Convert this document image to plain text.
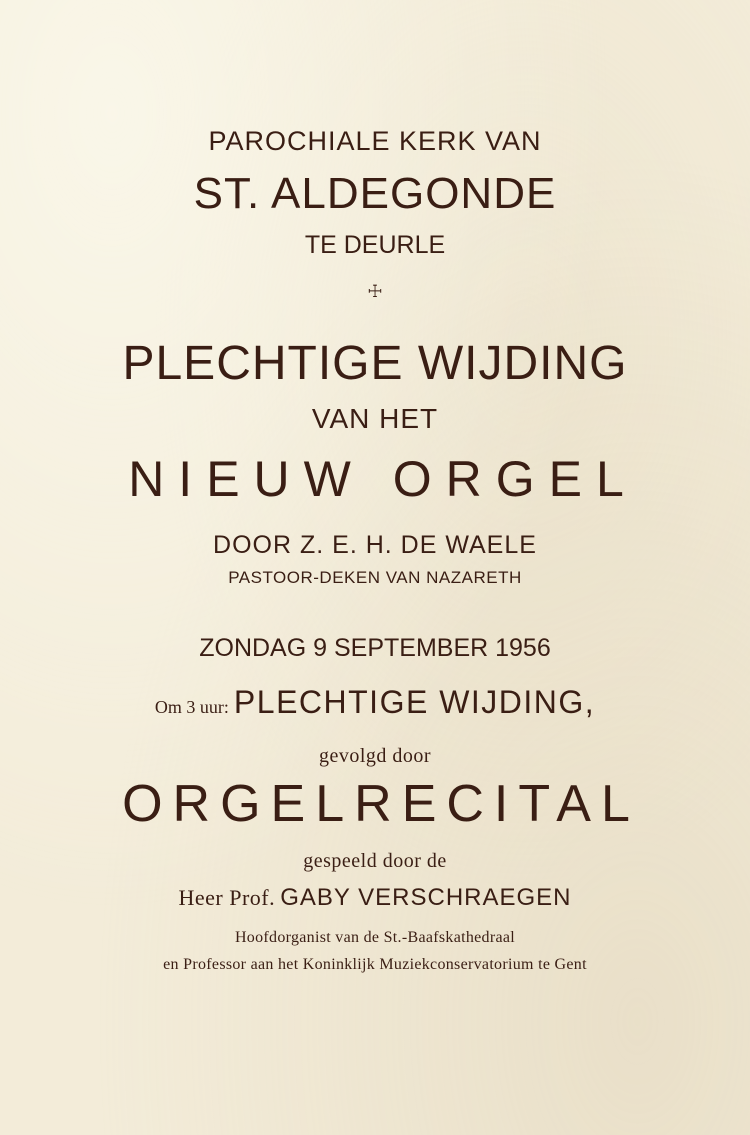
PAROCHIALE KERK VAN
ST. ALDEGONDE
TE DEURLE
☩
PLECHTIGE WIJDING
VAN HET
NIEUW ORGEL
DOOR Z. E. H. DE WAELE
PASTOOR-DEKEN VAN NAZARETH
ZONDAG 9 SEPTEMBER 1956
Om 3 uur: PLECHTIGE WIJDING,
gevolgd door
ORGELRECITAL
gespeeld door de
Heer Prof. GABY VERSCHRAEGEN
Hoofdorganist van de St.-Baafskathedraal
en Professor aan het Koninklijk Muziekconservatorium te Gent
